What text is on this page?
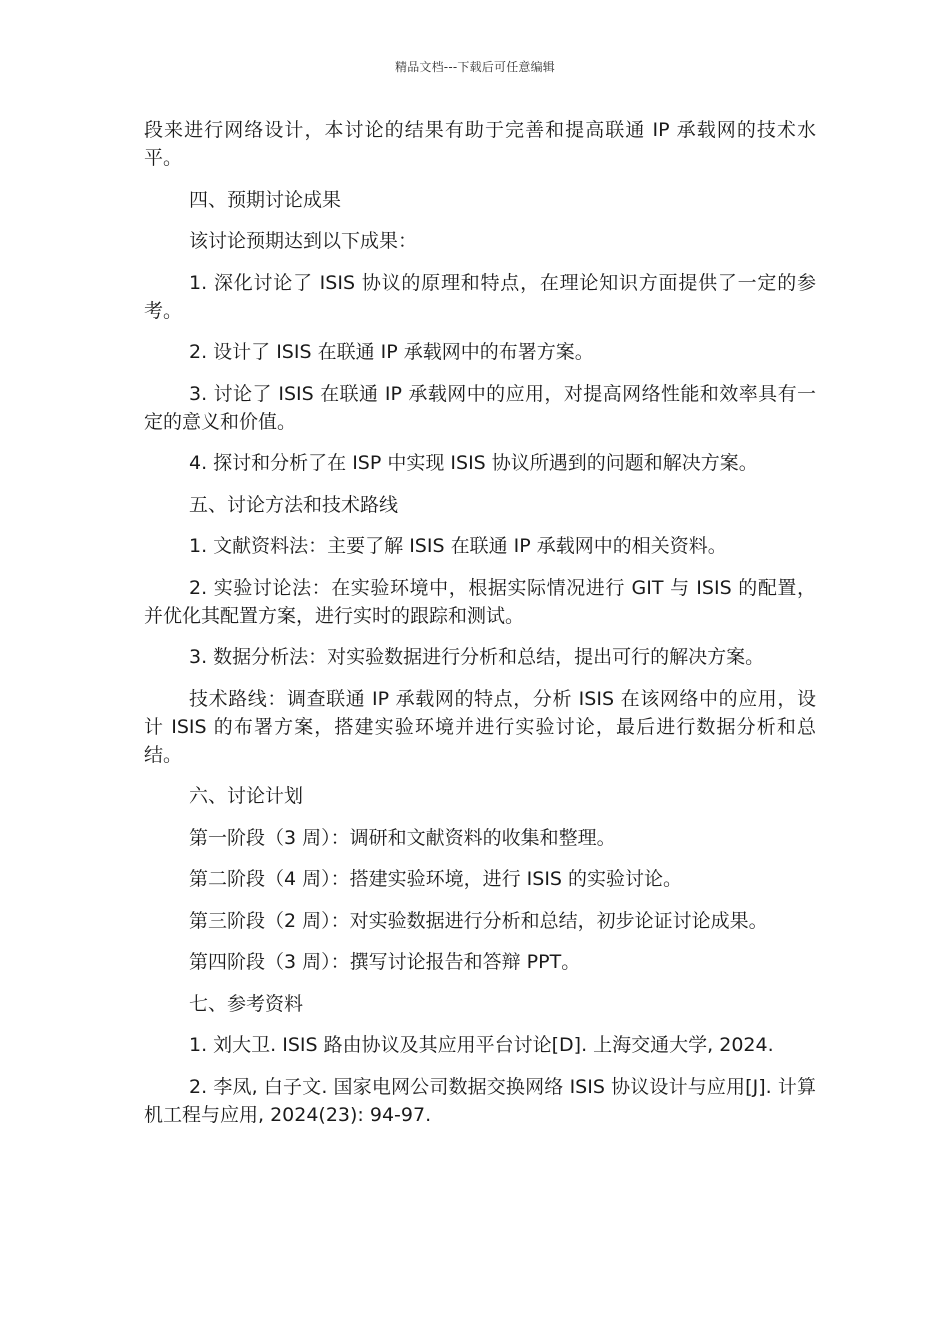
精品文档---下载后可任意编辑

段来进行网络设计，本讨论的结果有助于完善和提高联通 IP 承载网的技术水平。

四、预期讨论成果

该讨论预期达到以下成果：

1. 深化讨论了 ISIS 协议的原理和特点，在理论知识方面提供了一定的参考。

2. 设计了 ISIS 在联通 IP 承载网中的布署方案。

3. 讨论了 ISIS 在联通 IP 承载网中的应用，对提高网络性能和效率具有一定的意义和价值。

4. 探讨和分析了在 ISP 中实现 ISIS 协议所遇到的问题和解决方案。

五、讨论方法和技术路线

1. 文献资料法：主要了解 ISIS 在联通 IP 承载网中的相关资料。

2. 实验讨论法：在实验环境中，根据实际情况进行 GIT 与 ISIS 的配置，并优化其配置方案，进行实时的跟踪和测试。

3. 数据分析法：对实验数据进行分析和总结，提出可行的解决方案。

技术路线：调查联通 IP 承载网的特点，分析 ISIS 在该网络中的应用，设计 ISIS 的布署方案，搭建实验环境并进行实验讨论，最后进行数据分析和总结。

六、讨论计划

第一阶段（3 周）：调研和文献资料的收集和整理。

第二阶段（4 周）：搭建实验环境，进行 ISIS 的实验讨论。

第三阶段（2 周）：对实验数据进行分析和总结，初步论证讨论成果。

第四阶段（3 周）：撰写讨论报告和答辩 PPT。

七、参考资料

1. 刘大卫. ISIS 路由协议及其应用平台讨论[D]. 上海交通大学, 2024.

2. 李凤, 白子文. 国家电网公司数据交换网络 ISIS 协议设计与应用[J]. 计算机工程与应用, 2024(23): 94-97.
